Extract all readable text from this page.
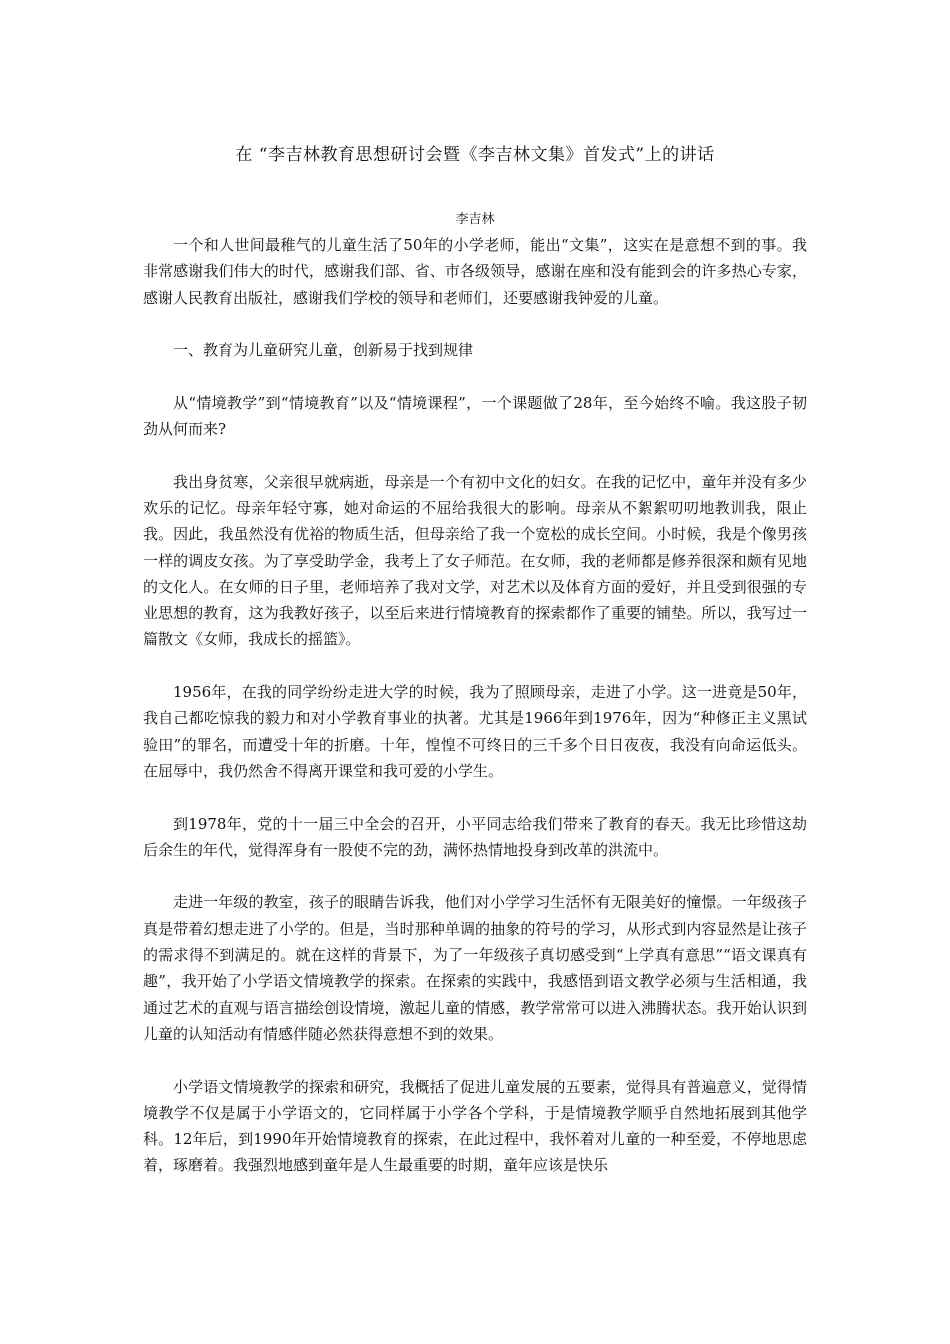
在 “李吉林教育思想研讨会暨《李吉林文集》首发式”上的讲话
李吉林

一个和人世间最稚气的儿童生活了50年的小学老师，能出“文集”，这实在是意想不到的事。我非常感谢我们伟大的时代，感谢我们部、省、市各级领导，感谢在座和没有能到会的许多热心专家，感谢人民教育出版社，感谢我们学校的领导和老师们，还要感谢我钟爱的儿童。

一、教育为儿童研究儿童，创新易于找到规律

从“情境教学”到“情境教育”以及“情境课程”，一个课题做了28年，至今始终不喻。我这股子韧劲从何而来?

我出身贫寒，父亲很早就病逝，母亲是一个有初中文化的妇女。在我的记忆中，童年并没有多少欢乐的记忆。母亲年轻守寡，她对命运的不屈给我很大的影响。母亲从不絮絮叨叨地教训我，限止我。因此，我虽然没有优裕的物质生活，但母亲给了我一个宽松的成长空间。小时候，我是个像男孩一样的调皮女孩。为了享受助学金，我考上了女子师范。在女师，我的老师都是修养很深和颇有见地的文化人。在女师的日子里，老师培养了我对文学，对艺术以及体育方面的爱好，并且受到很强的专业思想的教育，这为我教好孩子，以至后来进行情境教育的探索都作了重要的铺垫。所以，我写过一篇散文《女师，我成长的摇篮》。

1956年，在我的同学纷纷走进大学的时候，我为了照顾母亲，走进了小学。这一进竟是50年，我自己都吃惊我的毅力和对小学教育事业的执著。尤其是1966年到1976年，因为“种修正主义黑试验田”的罪名，而遭受十年的折磨。十年，惶惶不可终日的三千多个日日夜夜，我没有向命运低头。在屈辱中，我仍然舍不得离开课堂和我可爱的小学生。

到1978年，党的十一届三中全会的召开，小平同志给我们带来了教育的春天。我无比珍惜这劫后余生的年代，觉得浑身有一股使不完的劲，满怀热情地投身到改革的洪流中。

走进一年级的教室，孩子的眼睛告诉我，他们对小学学习生活怀有无限美好的憧憬。一年级孩子真是带着幻想走进了小学的。但是，当时那种单调的抽象的符号的学习，从形式到内容显然是让孩子的需求得不到满足的。就在这样的背景下，为了一年级孩子真切感受到“上学真有意思”“语文课真有趣”，我开始了小学语文情境教学的探索。在探索的实践中，我感悟到语文教学必须与生活相通，我通过艺术的直观与语言描绘创设情境，激起儿童的情感，教学常常可以进入沸腾状态。我开始认识到儿童的认知活动有情感伴随必然获得意想不到的效果。

小学语文情境教学的探索和研究，我概括了促进儿童发展的五要素，觉得具有普遍意义，觉得情境教学不仅是属于小学语文的，它同样属于小学各个学科，于是情境教学顺乎自然地拓展到其他学科。12年后，到1990年开始情境教育的探索，在此过程中，我怀着对儿童的一种至爱，不停地思虑着，琢磨着。我强烈地感到童年是人生最重要的时期，童年应该是快乐
